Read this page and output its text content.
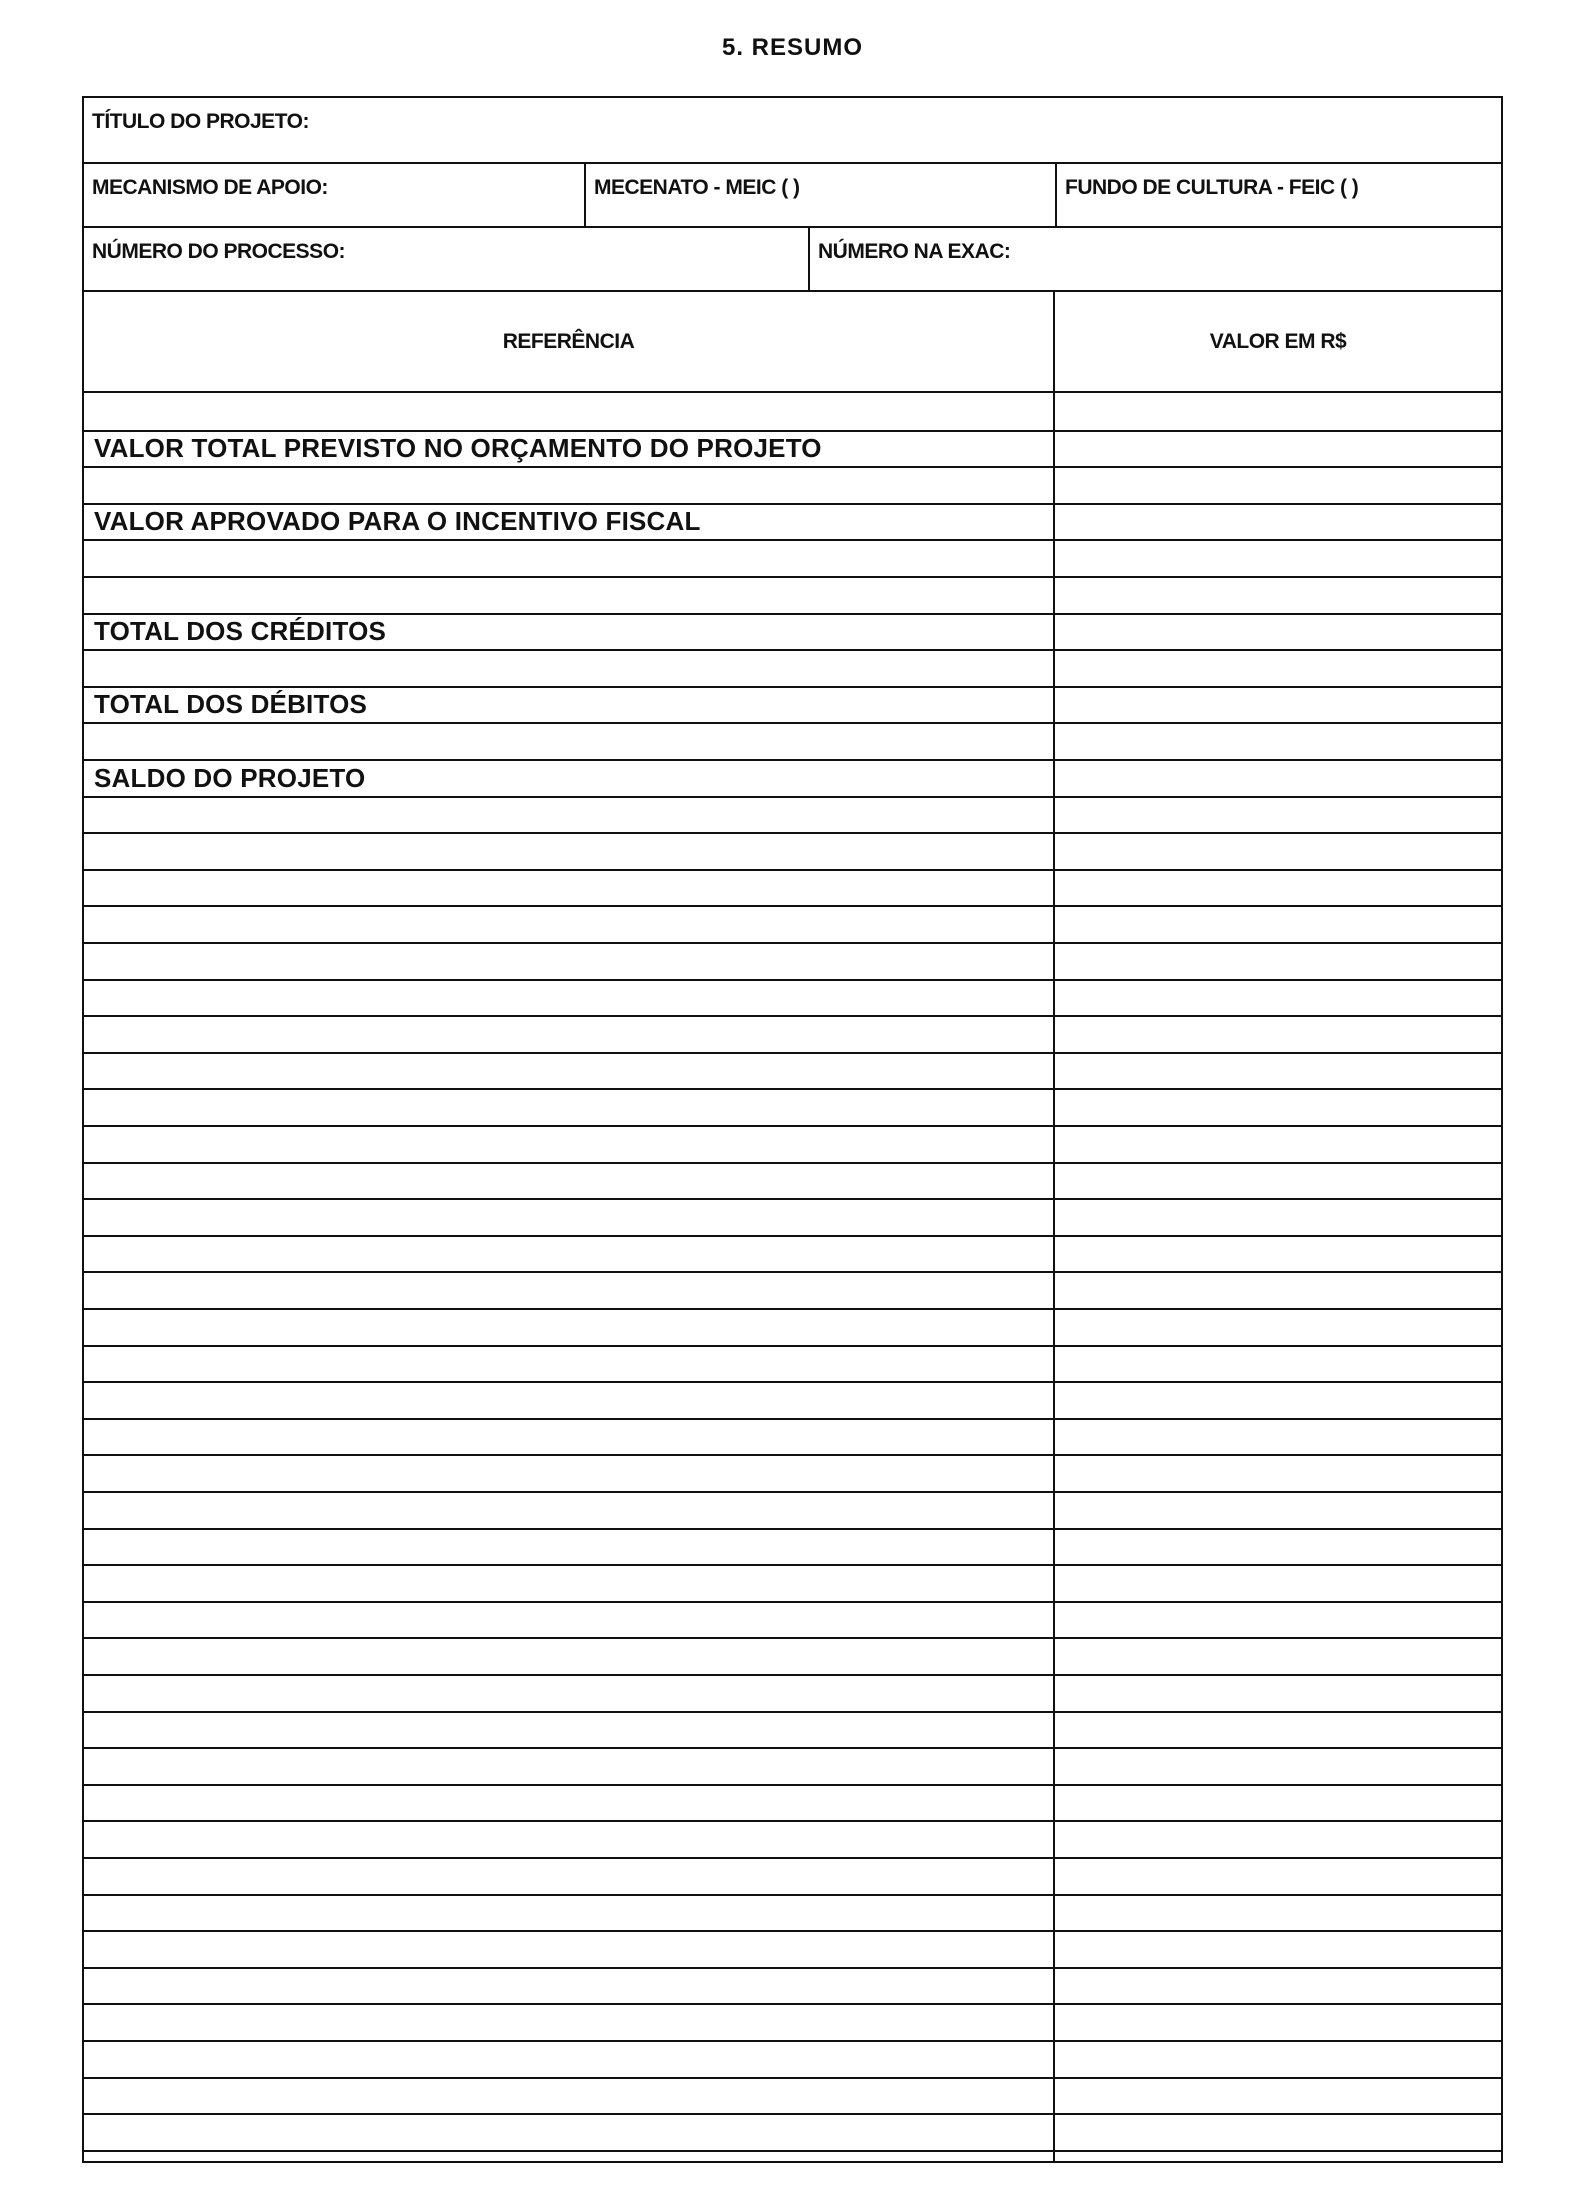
5. RESUMO
TÍTULO DO PROJETO:
MECANISMO DE APOIO:	MECENATO - MEIC ( )	FUNDO DE CULTURA - FEIC ( )
NÚMERO DO PROCESSO:	NÚMERO NA EXAC:
REFERÊNCIA	VALOR EM R$
VALOR TOTAL PREVISTO NO ORÇAMENTO DO PROJETO
VALOR APROVADO PARA O INCENTIVO FISCAL
TOTAL DOS CRÉDITOS
TOTAL DOS DÉBITOS
SALDO DO PROJETO
